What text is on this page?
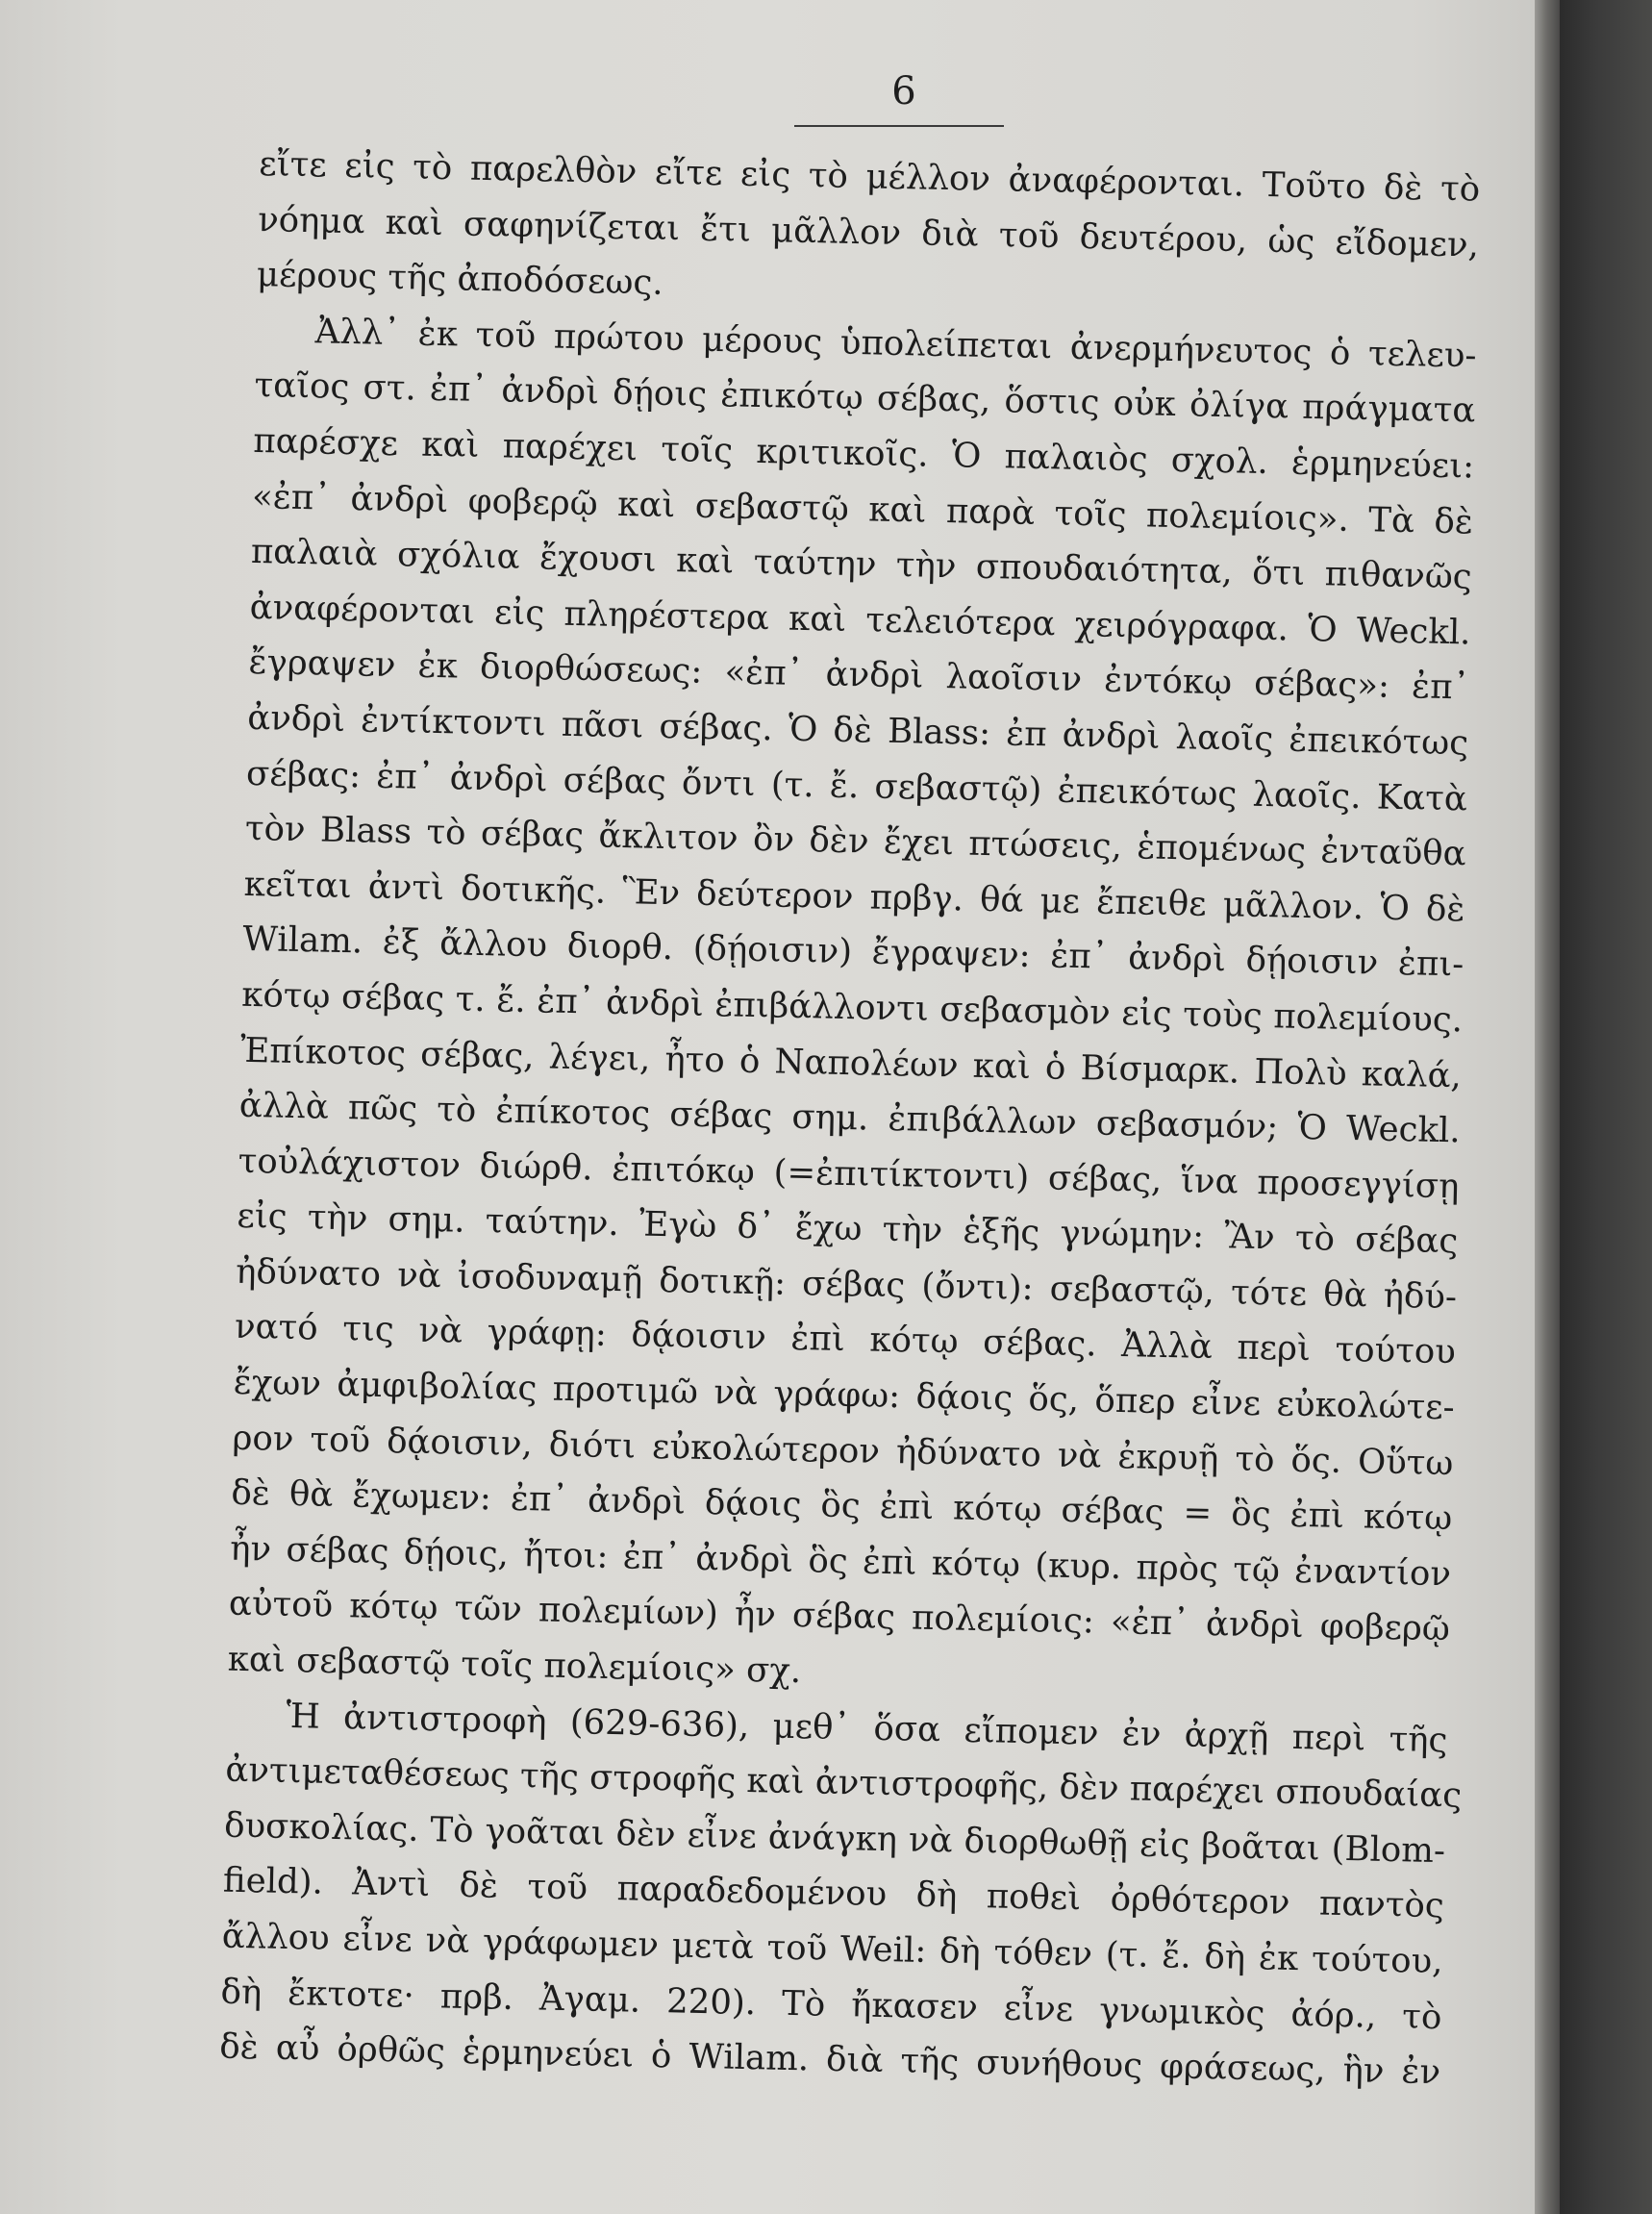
6
εἴτε εἰς τὸ παρελθὸν εἴτε εἰς τὸ μέλλον ἀναφέρονται. Τοῦτο δὲ τὸ
νόημα καὶ σαφηνίζεται ἔτι μᾶλλον διὰ τοῦ δευτέρου, ὡς εἴδομεν,
μέρους τῆς ἀποδόσεως.
Ἀλλ᾽ ἐκ τοῦ πρώτου μέρους ὑπολείπεται ἀνερμήνευτος ὁ τελευ-
ταῖος στ. ἐπ᾽ ἀνδρὶ δῄοις ἐπικότῳ σέβας, ὅστις οὐκ ὀλίγα πράγματα
παρέσχε καὶ παρέχει τοῖς κριτικοῖς. Ὁ παλαιὸς σχολ. ἑρμηνεύει:
«ἐπ᾽ ἀνδρὶ φοβερῷ καὶ σεβαστῷ καὶ παρὰ τοῖς πολεμίοις». Τὰ δὲ
παλαιὰ σχόλια ἔχουσι καὶ ταύτην τὴν σπουδαιότητα, ὅτι πιθανῶς
ἀναφέρονται εἰς πληρέστερα καὶ τελειότερα χειρόγραφα. Ὁ Weckl.
ἔγραψεν ἐκ διορθώσεως: «ἐπ᾽ ἀνδρὶ λαοῖσιν ἐντόκῳ σέβας»: ἐπ᾽
ἀνδρὶ ἐντίκτοντι πᾶσι σέβας. Ὁ δὲ Blass: ἐπ ἀνδρὶ λαοῖς ἐπεικότως
σέβας: ἐπ᾽ ἀνδρὶ σέβας ὄντι (τ. ἔ. σεβαστῷ) ἐπεικότως λαοῖς. Κατὰ
τὸν Blass τὸ σέβας ἄκλιτον ὂν δὲν ἔχει πτώσεις, ἑπομένως ἐνταῦθα
κεῖται ἀντὶ δοτικῆς. Ἓν δεύτερον πρβγ. θά με ἔπειθε μᾶλλον. Ὁ δὲ
Wilam. ἐξ ἄλλου διορθ. (δῄοισιν) ἔγραψεν: ἐπ᾽ ἀνδρὶ δῄοισιν ἐπι-
κότῳ σέβας τ. ἔ. ἐπ᾽ ἀνδρὶ ἐπιβάλλοντι σεβασμὸν εἰς τοὺς πολεμίους.
Ἐπίκοτος σέβας, λέγει, ἦτο ὁ Ναπολέων καὶ ὁ Βίσμαρκ. Πολὺ καλά,
ἀλλὰ πῶς τὸ ἐπίκοτος σέβας σημ. ἐπιβάλλων σεβασμόν; Ὁ Weckl.
τοὐλάχιστον διώρθ. ἐπιτόκῳ (=ἐπιτίκτοντι) σέβας, ἵνα προσεγγίσῃ
εἰς τὴν σημ. ταύτην. Ἐγὼ δ᾽ ἔχω τὴν ἑξῆς γνώμην: Ἂν τὸ σέβας
ἠδύνατο νὰ ἰσοδυναμῇ δοτικῇ: σέβας (ὄντι): σεβαστῷ, τότε θὰ ἠδύ-
νατό τις νὰ γράφῃ: δᾴοισιν ἐπὶ κότῳ σέβας. Ἀλλὰ περὶ τούτου
ἔχων ἀμφιβολίας προτιμῶ νὰ γράφω: δᾴοις ὅς, ὅπερ εἶνε εὐκολώτε-
ρον τοῦ δᾴοισιν, διότι εὐκολώτερον ἠδύνατο νὰ ἐκρυῇ τὸ ὅς. Οὕτω
δὲ θὰ ἔχωμεν: ἐπ᾽ ἀνδρὶ δᾴοις ὃς ἐπὶ κότῳ σέβας = ὃς ἐπὶ κότῳ
ἦν σέβας δῄοις, ἤτοι: ἐπ᾽ ἀνδρὶ ὃς ἐπὶ κότῳ (κυρ. πρὸς τῷ ἐναντίον
αὐτοῦ κότῳ τῶν πολεμίων) ἦν σέβας πολεμίοις: «ἐπ᾽ ἀνδρὶ φοβερῷ
καὶ σεβαστῷ τοῖς πολεμίοις» σχ.
Ἡ ἀντιστροφὴ (629-636), μεθ᾽ ὅσα εἴπομεν ἐν ἀρχῇ περὶ τῆς
ἀντιμεταθέσεως τῆς στροφῆς καὶ ἀντιστροφῆς, δὲν παρέχει σπουδαίας
δυσκολίας. Τὸ γοᾶται δὲν εἶνε ἀνάγκη νὰ διορθωθῇ εἰς βοᾶται (Blom-
field). Ἀντὶ δὲ τοῦ παραδεδομένου δὴ ποθεὶ ὀρθότερον παντὸς
ἄλλου εἶνε νὰ γράφωμεν μετὰ τοῦ Weil: δὴ τόθεν (τ. ἔ. δὴ ἐκ τούτου,
δὴ ἔκτοτε· πρβ. Ἀγαμ. 220). Τὸ ἤκασεν εἶνε γνωμικὸς ἀόρ., τὸ
δὲ αὖ ὀρθῶς ἑρμηνεύει ὁ Wilam. διὰ τῆς συνήθους φράσεως, ἣν ἐν
